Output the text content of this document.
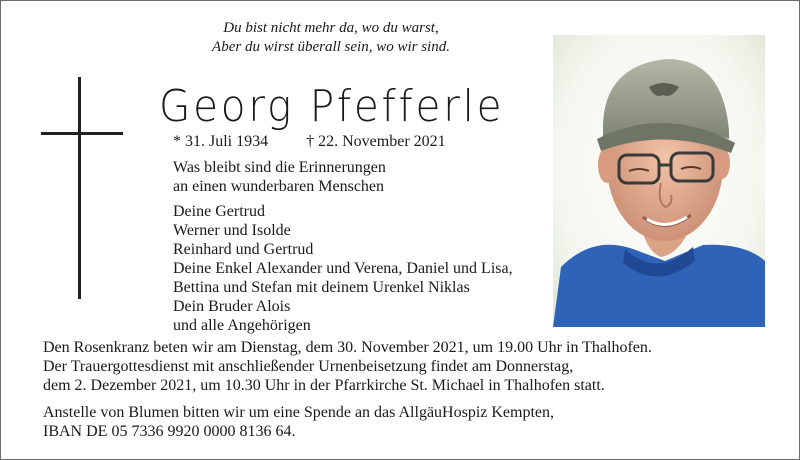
Du bist nicht mehr da, wo du warst,
Aber du wirst überall sein, wo wir sind.
Georg Pfefferle
* 31. Juli 1934 † 22. November 2021
Was bleibt sind die Erinnerungen
an einen wunderbaren Menschen
Deine Gertrud
Werner und Isolde
Reinhard und Gertrud
Deine Enkel Alexander und Verena, Daniel und Lisa,
Bettina und Stefan mit deinem Urenkel Niklas
Dein Bruder Alois
und alle Angehörigen
Den Rosenkranz beten wir am Dienstag, dem 30. November 2021, um 19.00 Uhr in Thalhofen.
Der Trauergottesdienst mit anschließender Urnenbeisetzung findet am Donnerstag,
dem 2. Dezember 2021, um 10.30 Uhr in der Pfarrkirche St. Michael in Thalhofen statt.
Anstelle von Blumen bitten wir um eine Spende an das AllgäuHospiz Kempten,
IBAN DE 05 7336 9920 0000 8136 64.
